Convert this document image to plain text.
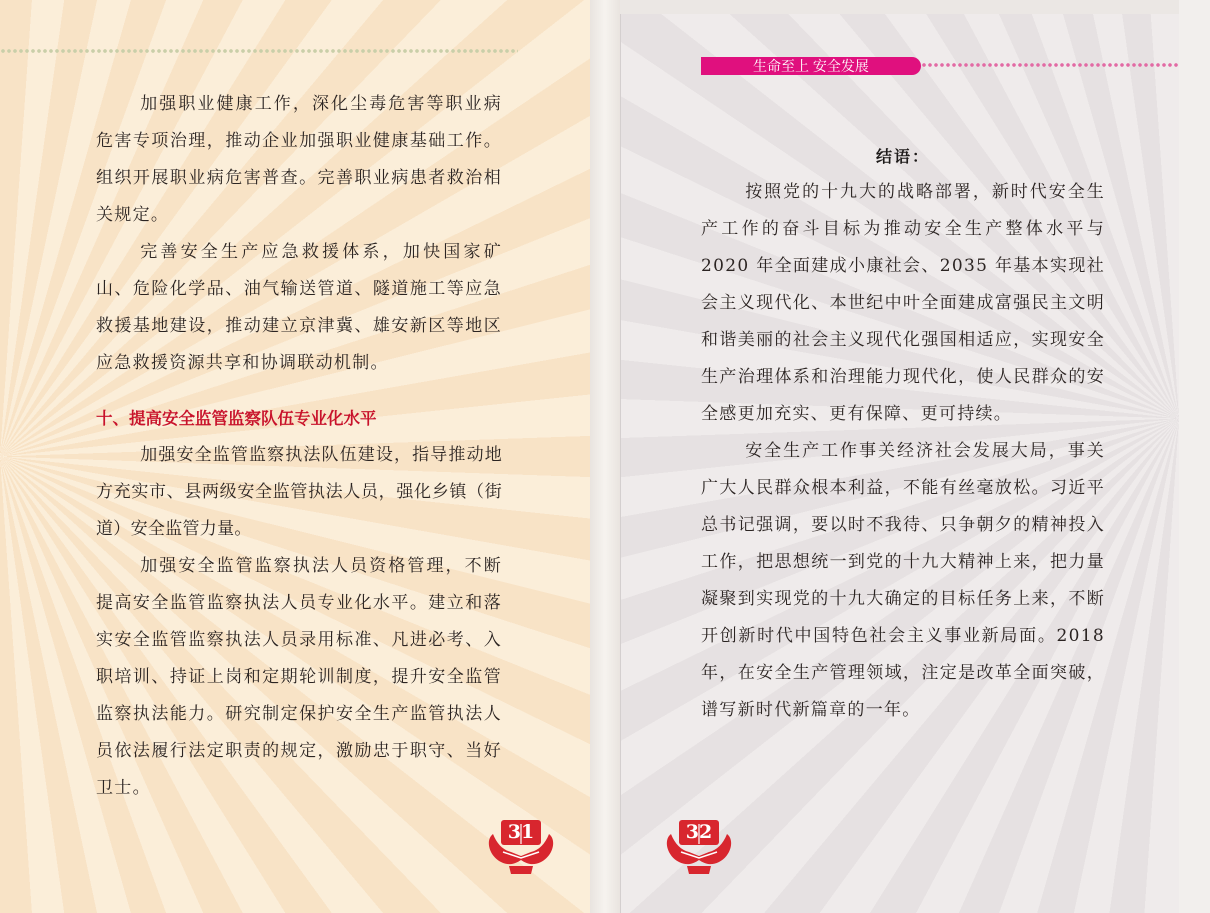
加强职业健康工作，深化尘毒危害等职业病危害专项治理，推动企业加强职业健康基础工作。组织开展职业病危害普查。完善职业病患者救治相关规定。

完善安全生产应急救援体系，加快国家矿山、危险化学品、油气输送管道、隧道施工等应急救援基地建设，推动建立京津冀、雄安新区等地区应急救援资源共享和协调联动机制。

十、提高安全监管监察队伍专业化水平

加强安全监管监察执法队伍建设，指导推动地方充实市、县两级安全监管执法人员，强化乡镇（街道）安全监管力量。

加强安全监管监察执法人员资格管理，不断提高安全监管监察执法人员专业化水平。建立和落实安全监管监察执法人员录用标准、凡进必考、入职培训、持证上岗和定期轮训制度，提升安全监管监察执法能力。研究制定保护安全生产监管执法人员依法履行法定职责的规定，激励忠于职守、当好卫士。

生命至上 安全发展
结语：

按照党的十九大的战略部署，新时代安全生产工作的奋斗目标为推动安全生产整体水平与 2020 年全面建成小康社会、2035 年基本实现社会主义现代化、本世纪中叶全面建成富强民主文明和谐美丽的社会主义现代化强国相适应，实现安全生产治理体系和治理能力现代化，使人民群众的安全感更加充实、更有保障、更可持续。

安全生产工作事关经济社会发展大局，事关广大人民群众根本利益，不能有丝毫放松。习近平总书记强调，要以时不我待、只争朝夕的精神投入工作，把思想统一到党的十九大精神上来，把力量凝聚到实现党的十九大确定的目标任务上来，不断开创新时代中国特色社会主义事业新局面。2018 年，在安全生产管理领域，注定是改革全面突破，谱写新时代新篇章的一年。

31	32
